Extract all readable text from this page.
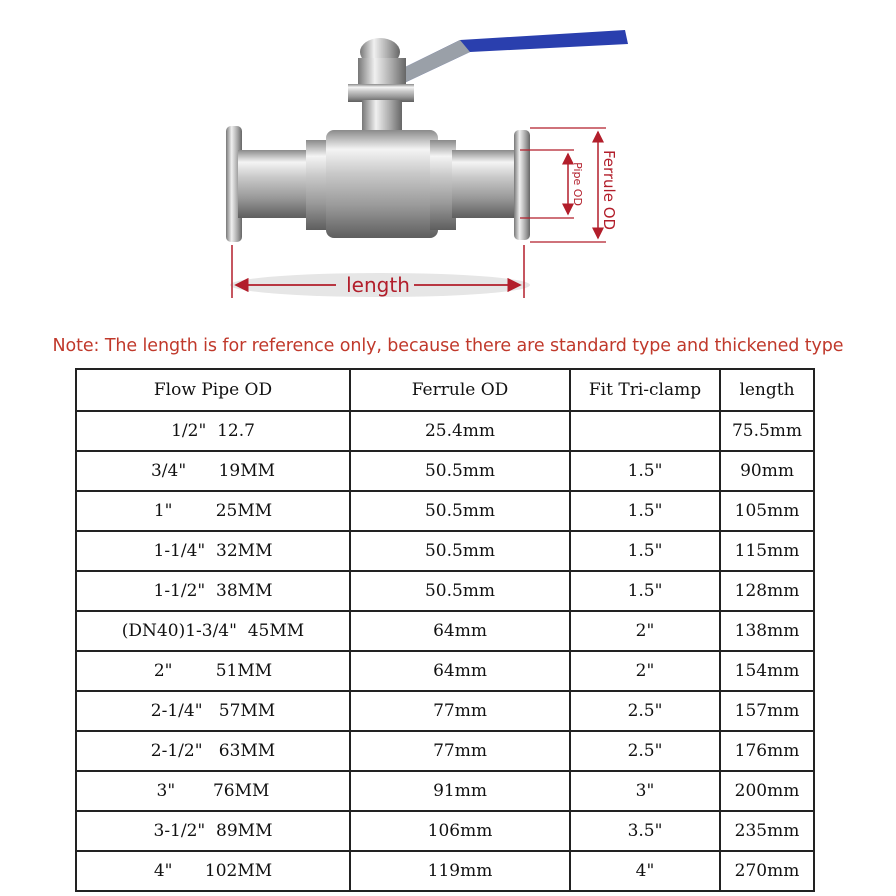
length
Pipe OD Ferrule OD
Note: The length is for reference only, because there are standard type and thickened type
Flow Pipe OD	Ferrule OD	Fit Tri-clamp	length
1/2"  12.7	25.4mm		75.5mm
3/4"      19MM	50.5mm	1.5"	90mm
1"        25MM	50.5mm	1.5"	105mm
1-1/4"  32MM	50.5mm	1.5"	115mm
1-1/2"  38MM	50.5mm	1.5"	128mm
(DN40)1-3/4"  45MM	64mm	2"	138mm
2"        51MM	64mm	2"	154mm
2-1/4"   57MM	77mm	2.5"	157mm
2-1/2"   63MM	77mm	2.5"	176mm
3"       76MM	91mm	3"	200mm
3-1/2"  89MM	106mm	3.5"	235mm
4"      102MM	119mm	4"	270mm
